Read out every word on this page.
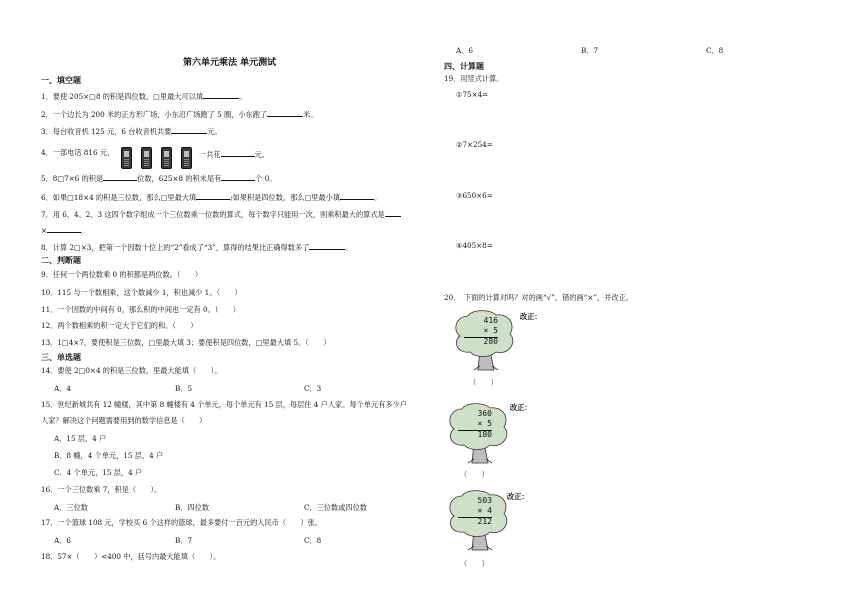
第六单元乘法 单元测试
一、填空题
1．要使 205×□8 的积是四位数，□里最大可以填	。
2．一个边长为 200 米的正方形广场，小东沿广场跑了 5 圈，小东跑了	米。
3．每台收音机 125 元，6 台收音机共要	元。
4．一部电话 816 元，	一共花	元。
5．8□7×6 的积是	位数，625×8 的积末尾有	个 0。
6．如果□18×4 的积是三位数，那么□里最大填	;如果积是四位数，那么□里最小填	。
7．用 6、4、2、3 这四个数字组成一个三位数乘一位数的算式，每个数字只能用一次，则乘积最大的算式是
×	。
8．计算 2□×3，把第一个因数十位上的“2”看成了“3”，算得的结果比正确得数多了	。
二、判断题
9．任何一个两位数乘 0 的积都是两位数。（　　）
10．115 与一个数相乘，这个数减少 1，积也减少 1。（　　）
11．一个因数的中间有 0，那么积的中间也一定有 0。（　　）
12．两个数相乘的积一定大于它们的和。（　　）
13．1□4×7，要使积是三位数，□里最大填 3；要使积是四位数，□里最大填 5。（　　）
三、单选题
14．要使 2□0×4 的积是三位数，里最大能填（　　）。
A．4	B．5	C．3
15．世纪新城共有 12 幢楼，其中第 8 幢楼有 4 个单元，每个单元有 15 层，每层住 4 户人家。每个单元有多少户
人家？解决这个问题需要用到的数学信息是（　　）
A．15 层，4 户
B．8 幢，4 个单元，15 层，4 户
C．4 个单元，15 层，4 户
16．一个三位数乘 7，积是（　　）。
A．三位数	B．四位数	C．三位数或四位数
17．一个篮球 108 元，学校买 6 个这样的篮球，最多要付一百元的人民币（　　）张。
A．6	B．7	C．8
18．57×（　　）<400 中，括号内最大能填（　　）。
A．6	B．7	C．8
四、计算题
19．用竖式计算。
①75×4=
②7×254=
③650×6=
④405×8=
20．　下面的计算对吗？对的画“√”，错的画“×”，并改正。
416
× 5
280
改正：
（　　）
360
× 5
180
改正：
（　　）
503
× 4
212
改正：
（　　）
